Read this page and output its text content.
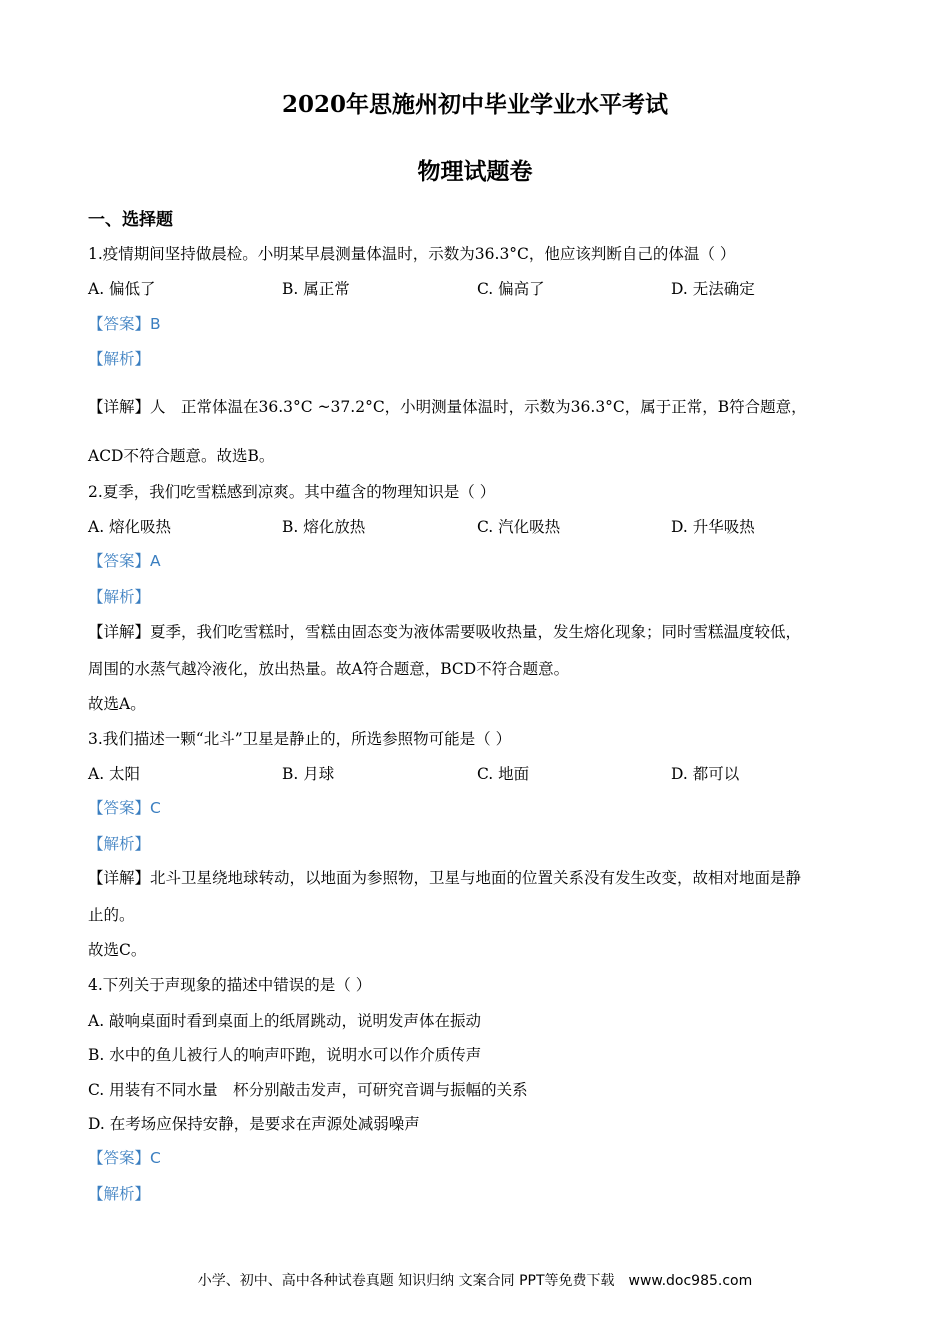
2020年思施州初中毕业学业水平考试
物理试题卷
一、选择题
1.疫情期间坚持做晨检。小明某早晨测量体温时，示数为36.3°C，他应该判断自己的体温（ ）
A. 偏低了	B. 属正常	C. 偏高了	D. 无法确定
【答案】B
【解析】
【详解】人　正常体温在36.3°C ~37.2°C，小明测量体温时，示数为36.3°C，属于正常，B符合题意，
ACD不符合题意。故选B。
2.夏季，我们吃雪糕感到凉爽。其中蕴含的物理知识是（ ）
A. 熔化吸热	B. 熔化放热	C. 汽化吸热	D. 升华吸热
【答案】A
【解析】
【详解】夏季，我们吃雪糕时，雪糕由固态变为液体需要吸收热量，发生熔化现象；同时雪糕温度较低，
周围的水蒸气越冷液化，放出热量。故A符合题意，BCD不符合题意。
故选A。
3.我们描述一颗“北斗”卫星是静止的，所选参照物可能是（ ）
A. 太阳	B. 月球	C. 地面	D. 都可以
【答案】C
【解析】
【详解】北斗卫星绕地球转动，以地面为参照物，卫星与地面的位置关系没有发生改变，故相对地面是静
止的。
故选C。
4.下列关于声现象的描述中错误的是（ ）
A. 敲响桌面时看到桌面上的纸屑跳动，说明发声体在振动
B. 水中的鱼儿被行人的响声吓跑，说明水可以作介质传声
C. 用装有不同水量　杯分别敲击发声，可研究音调与振幅的关系
D. 在考场应保持安静，是要求在声源处减弱噪声
【答案】C
【解析】
小学、初中、高中各种试卷真题 知识归纳 文案合同 PPT等免费下载　www.doc985.com
